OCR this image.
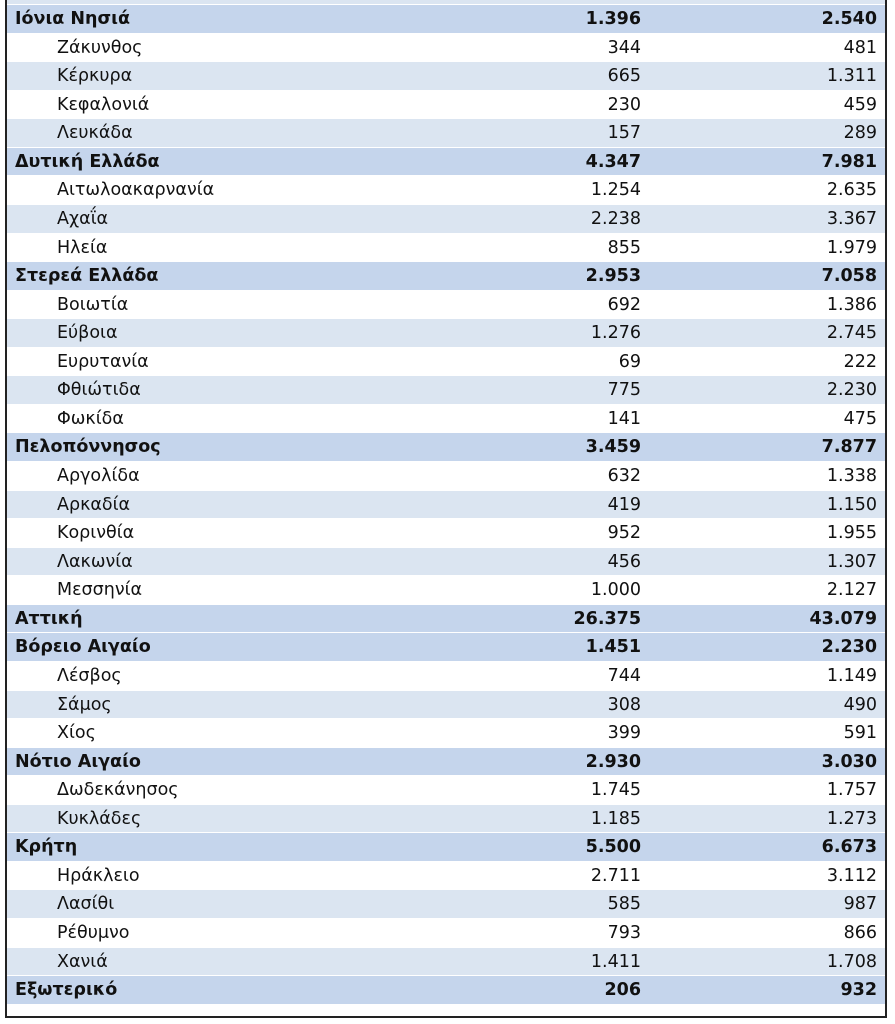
Ιόνια Νησιά	1.396	2.540
Ζάκυνθος	344	481
Κέρκυρα	665	1.311
Κεφαλονιά	230	459
Λευκάδα	157	289
Δυτική Ελλάδα	4.347	7.981
Αιτωλοακαρνανία	1.254	2.635
Αχαΐα	2.238	3.367
Ηλεία	855	1.979
Στερεά Ελλάδα	2.953	7.058
Βοιωτία	692	1.386
Εύβοια	1.276	2.745
Ευρυτανία	69	222
Φθιώτιδα	775	2.230
Φωκίδα	141	475
Πελοπόννησος	3.459	7.877
Αργολίδα	632	1.338
Αρκαδία	419	1.150
Κορινθία	952	1.955
Λακωνία	456	1.307
Μεσσηνία	1.000	2.127
Αττική	26.375	43.079
Βόρειο Αιγαίο	1.451	2.230
Λέσβος	744	1.149
Σάμος	308	490
Χίος	399	591
Νότιο Αιγαίο	2.930	3.030
Δωδεκάνησος	1.745	1.757
Κυκλάδες	1.185	1.273
Κρήτη	5.500	6.673
Ηράκλειο	2.711	3.112
Λασίθι	585	987
Ρέθυμνο	793	866
Χανιά	1.411	1.708
Εξωτερικό	206	932
